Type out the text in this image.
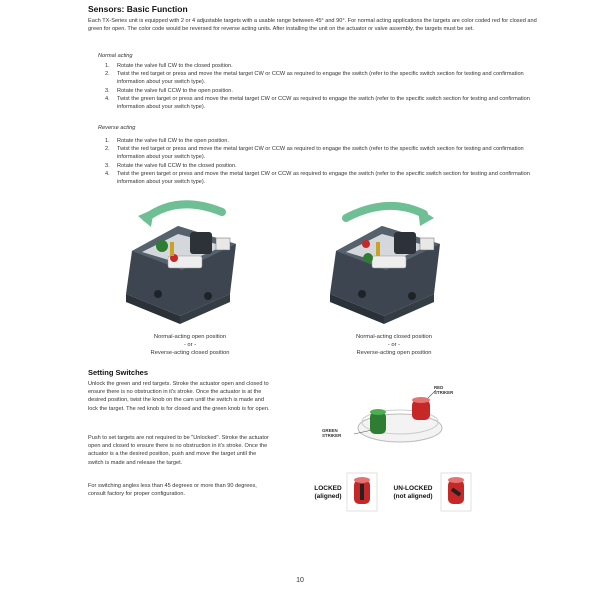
Sensors: Basic Function
Each TX-Series unit is equipped with 2 or 4 adjustable targets with a usable range between 45° and 90°. For normal acting applications the targets are color coded red for closed and green for open. The color code would be reversed for reverse acting units. After installing the unit on the actuator or valve assembly, the targets must be set.
Normal acting
1. Rotate the valve full CW to the closed position.
2. Twist the red target or press and move the metal target CW or CCW as required to engage the switch (refer to the specific switch section for testing and confirmation information about your switch type).
3. Rotate the valve full CCW to the open position.
4. Twist the green target or press and move the metal target CW or CCW as required to engage the switch (refer to the specific switch section for testing and confirmation information about your switch type).
Reverse acting
1. Rotate the valve full CW to the open position.
2. Twist the red target or press and move the metal target CW or CCW as required to engage the switch (refer to the specific switch section for testing and confirmation information about your switch type).
3. Rotate the valve full CCW to the closed position.
4. Twist the green target or press and move the metal target CW or CCW as required to engage the switch (refer to the specific switch section for testing and confirmation information about your switch type).
Normal-acting open position
- or -
Reverse-acting closed position
Normal-acting closed position
- or -
Reverse-acting open position
Setting Switches
Unlock the green and red targets. Stroke the actuator open and closed to ensure there is no obstruction in it's stroke. Once the actuator is at the desired position, twist the knob on the cam until the switch is made and lock the target. The red knob is for closed and the green knob is for open.
Push to set targets are not required to be "Unlocked". Stroke the actuator open and closed to ensure there is no obstruction in it's stroke. Once the actuator is a the desired position, push and move the target until the switch is made and release the target.
For switching angles less than 45 degrees or more than 90 degrees, consult factory for proper configuration.
RED
STRIKER
GREEN
STRIKER
LOCKED
(aligned)
UN-LOCKED
(not aligned)
10
